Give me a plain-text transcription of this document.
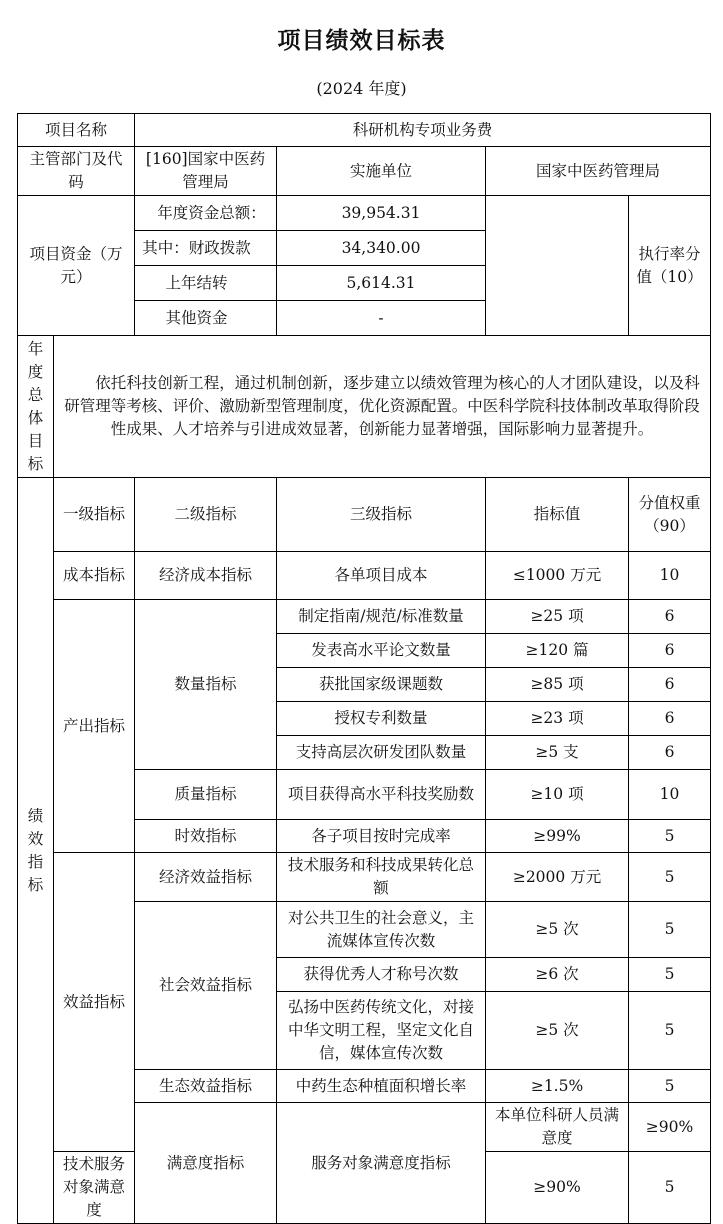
项目绩效目标表
(2024 年度)
项目名称		科研机构专项业务费				
主管部门及代码		[160]国家中医药管理局	实施单位	国家中医药管理局		
项目资金（万元）		年度资金总额：	39,954.31		执行率分值（10）	
		其中：财政拨款	34,340.00			
		上年结转	5,614.31			
		其他资金	-			
年度总体目标	依托科技创新工程，通过机制创新，逐步建立以绩效管理为核心的人才团队建设，以及科研管理等考核、评价、激励新型管理制度，优化资源配置。中医科学院科技体制改革取得阶段性成果、人才培养与引进成效显著，创新能力显著增强，国际影响力显著提升。					
绩效指标	一级指标	二级指标	三级指标	指标值	分值权重（90）	
	成本指标	经济成本指标	各单项目成本	≤1000 万元	10	
	产出指标	数量指标	制定指南/规范/标准数量	≥25 项	6	
			发表高水平论文数量	≥120 篇	6	
			获批国家级课题数	≥85 项	6	
			授权专利数量	≥23 项	6	
			支持高层次研发团队数量	≥5 支	6	
		质量指标	项目获得高水平科技奖励数	≥10 项	10	
		时效指标	各子项目按时完成率	≥99%	5	
	效益指标	经济效益指标	技术服务和科技成果转化总额	≥2000 万元	5	
		社会效益指标	对公共卫生的社会意义，主流媒体宣传次数	≥5 次	5	
			获得优秀人才称号次数	≥6 次	5	
			弘扬中医药传统文化，对接中华文明工程，坚定文化自信，媒体宣传次数	≥5 次	5	
		生态效益指标	中药生态种植面积增长率	≥1.5%	5	
		满意度指标	服务对象满意度指标	本单位科研人员满意度	≥90%	
	技术服务对象满意度			≥90%	5	
